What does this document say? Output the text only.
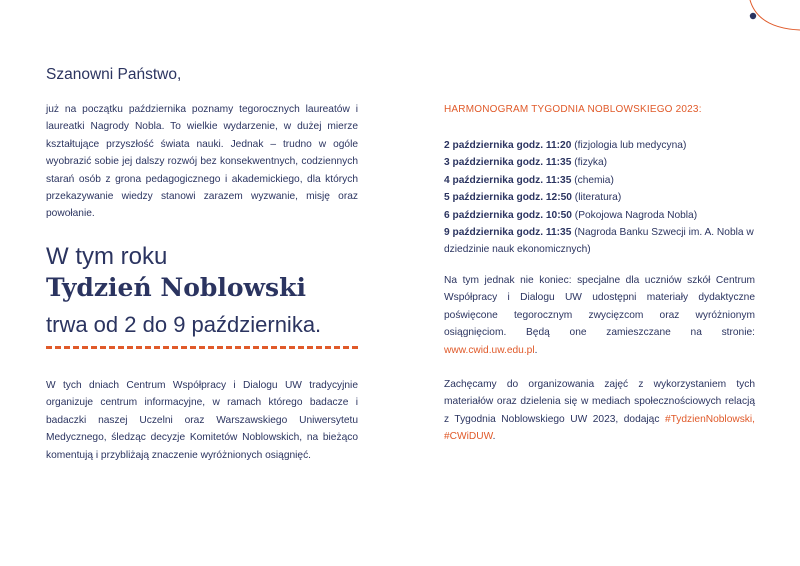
Szanowni Państwo,

już na początku października poznamy tegorocznych laureatów i laureatki Nagrody Nobla. To wielkie wydarzenie, w dużej mierze kształtujące przyszłość świata nauki. Jednak – trudno w ogóle wyobrazić sobie jej dalszy rozwój bez konsekwentnych, codziennych starań osób z grona pedagogicznego i akademickiego, dla których przekazywanie wiedzy stanowi zarazem wyzwanie, misję oraz powołanie.

W tym roku
Tydzień Noblowski
trwa od 2 do 9 października.

W tych dniach Centrum Współpracy i Dialogu UW tradycyjnie organizuje centrum informacyjne, w ramach którego badacze i badaczki naszej Uczelni oraz Warszawskiego Uniwersytetu Medycznego, śledząc decyzje Komitetów Noblowskich, na bieżąco komentują i przybliżają znaczenie wyróżnionych osiągnięć.

HARMONOGRAM TYGODNIA NOBLOWSKIEGO 2023:
2 października godz. 11:20 (fizjologia lub medycyna)
3 października godz. 11:35 (fizyka)
4 października godz. 11:35 (chemia)
5 października godz. 12:50 (literatura)
6 października godz. 10:50 (Pokojowa Nagroda Nobla)
9 października godz. 11:35 (Nagroda Banku Szwecji im. A. Nobla w dziedzinie nauk ekonomicznych)

Na tym jednak nie koniec: specjalne dla uczniów szkół Centrum Współpracy i Dialogu UW udostępni materiały dydaktyczne poświęcone tegorocznym zwycięzcom oraz wyróżnionym osiągnięciom. Będą one zamieszczane na stronie: www.cwid.uw.edu.pl.

Zachęcamy do organizowania zajęć z wykorzystaniem tych materiałów oraz dzielenia się w mediach społecznościowych relacją z Tygodnia Noblowskiego UW 2023, dodając #TydzienNoblowski, #CWiDUW.
